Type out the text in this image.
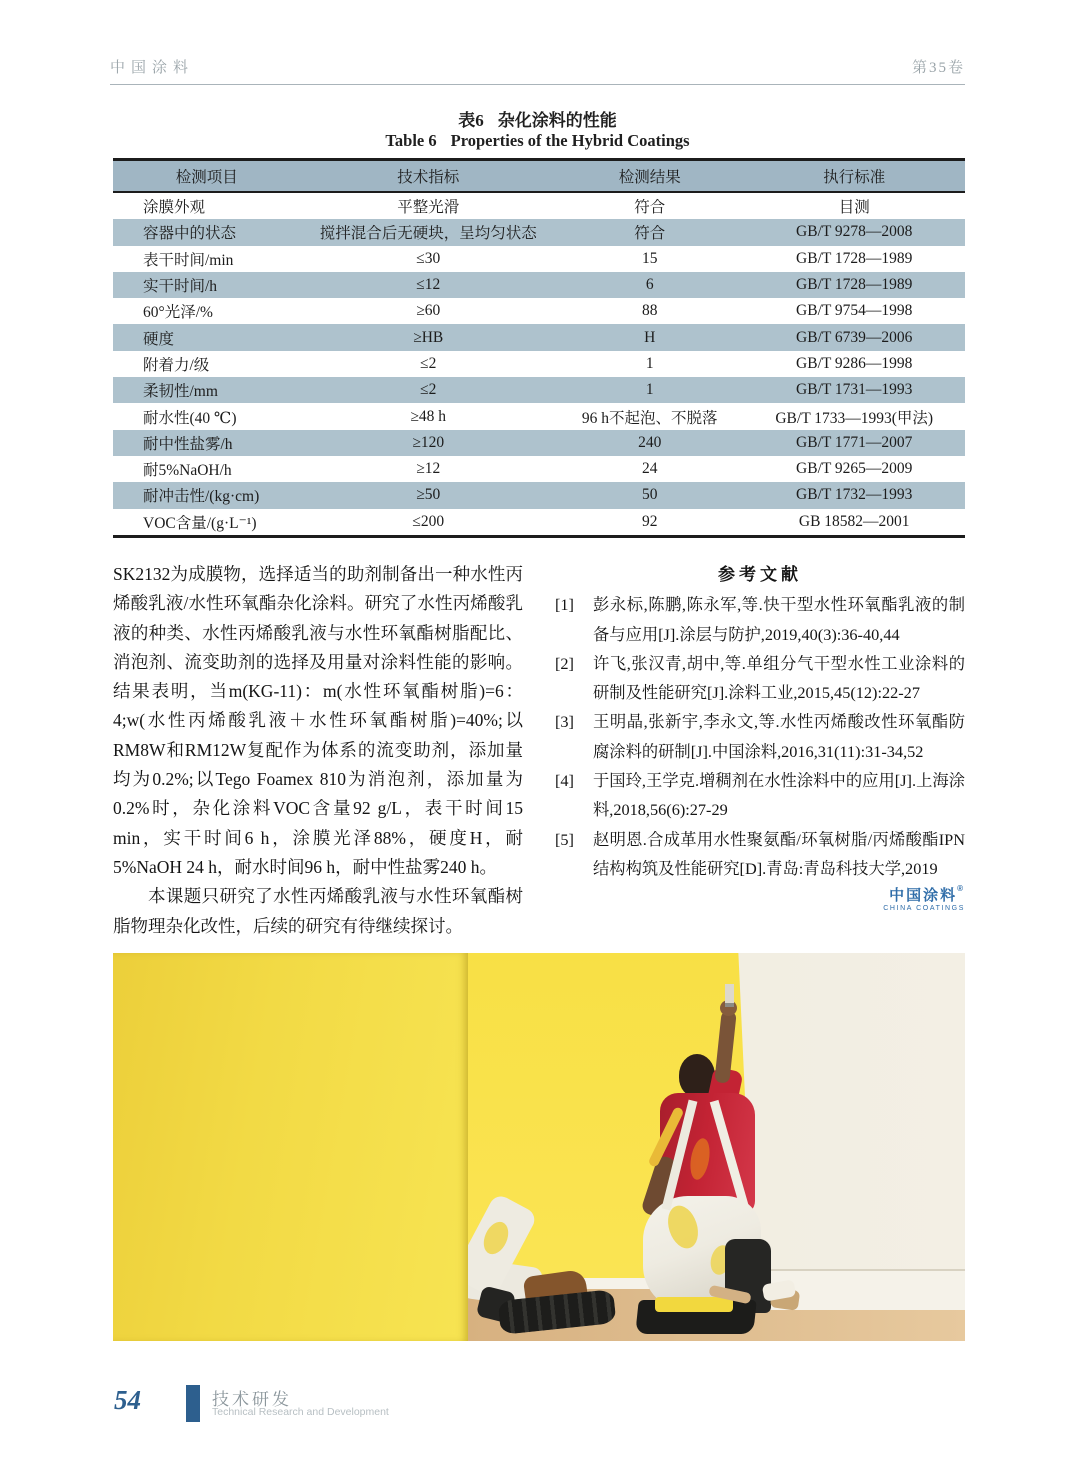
中国涂料	第35卷
表6 杂化涂料的性能
Table 6 Properties of the Hybrid Coatings
检测项目	技术指标	检测结果	执行标准
涂膜外观	平整光滑	符合	目测
容器中的状态	搅拌混合后无硬块，呈均匀状态	符合	GB/T 9278—2008
表干时间/min	≤30	15	GB/T 1728—1989
实干时间/h	≤12	6	GB/T 1728—1989
60°光泽/%	≥60	88	GB/T 9754—1998
硬度	≥HB	H	GB/T 6739—2006
附着力/级	≤2	1	GB/T 9286—1998
柔韧性/mm	≤2	1	GB/T 1731—1993
耐水性(40 ℃)	≥48 h	96 h不起泡、不脱落	GB/T 1733—1993(甲法)
耐中性盐雾/h	≥120	240	GB/T 1771—2007
耐5%NaOH/h	≥12	24	GB/T 9265—2009
耐冲击性/(kg·cm)	≥50	50	GB/T 1732—1993
VOC含量/(g·L⁻¹)	≤200	92	GB 18582—2001

SK2132为成膜物，选择适当的助剂制备出一种水性丙烯酸乳液/水性环氧酯杂化涂料。研究了水性丙烯酸乳液的种类、水性丙烯酸乳液与水性环氧酯树脂配比、消泡剂、流变助剂的选择及用量对涂料性能的影响。结果表明，当m(KG-11)：m(水性环氧酯树脂)=6：4;w(水性丙烯酸乳液＋水性环氧酯树脂)=40%;以RM8W和RM12W复配作为体系的流变助剂，添加量均为0.2%;以Tego Foamex 810为消泡剂，添加量为0.2%时，杂化涂料VOC含量92 g/L，表干时间15 min，实干时间6 h，涂膜光泽88%，硬度H，耐5%NaOH 24 h，耐水时间96 h，耐中性盐雾240 h。

本课题只研究了水性丙烯酸乳液与水性环氧酯树脂物理杂化改性，后续的研究有待继续探讨。

参考文献

[1]	彭永标,陈鹏,陈永军,等.快干型水性环氧酯乳液的制备与应用[J].涂层与防护,2019,40(3):36-40,44
[2]	许飞,张汉青,胡中,等.单组分气干型水性工业涂料的研制及性能研究[J].涂料工业,2015,45(12):22-27
[3]	王明晶,张新宇,李永文,等.水性丙烯酸改性环氧酯防腐涂料的研制[J].中国涂料,2016,31(11):31-34,52
[4]	于国玲,王学克.增稠剂在水性涂料中的应用[J].上海涂料,2018,56(6):27-29
[5]	赵明恩.合成革用水性聚氨酯/环氧树脂/丙烯酸酯IPN结构构筑及性能研究[D].青岛:青岛科技大学,2019
中国涂料®
CHINA COATINGS
54	技术研发
Technical Research and Development
